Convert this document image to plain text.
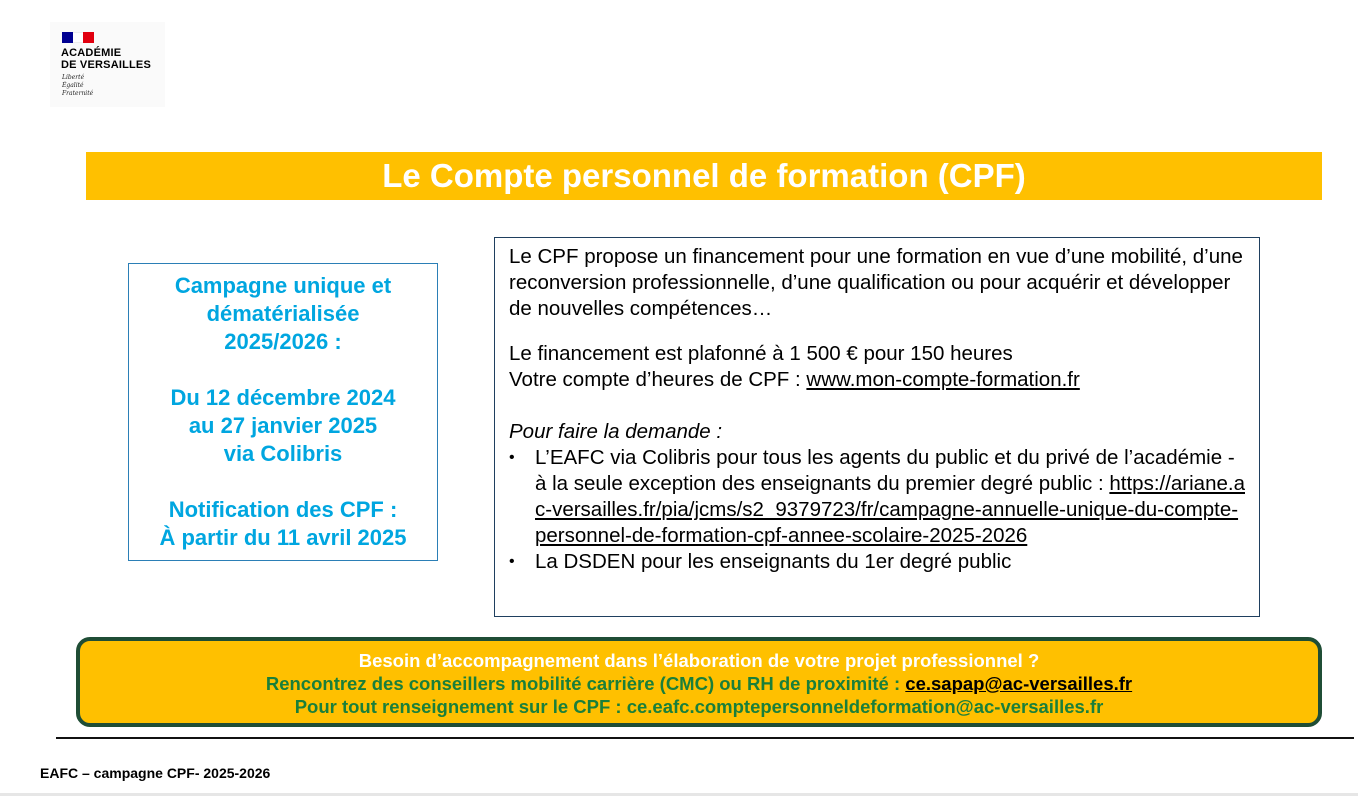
ACADÉMIE
DE VERSAILLES
Liberté
Égalité
Fraternité
Le Compte personnel de formation (CPF)
Campagne unique et
dématérialisée
2025/2026 :
Du 12 décembre 2024
au 27 janvier 2025
via Colibris
Notification des CPF :
À partir du 11 avril 2025

Le CPF propose un financement pour une formation en vue d’une mobilité, d’une reconversion professionnelle, d’une qualification ou pour acquérir et développer de nouvelles compétences…

Le financement est plafonné à 1 500 € pour 150 heures

Votre compte d’heures de CPF : www.mon-compte-formation.fr

Pour faire la demande :

• L’EAFC via Colibris pour tous les agents du public et du privé de l’académie - à la seule exception des enseignants du premier degré public : https://ariane.ac-versailles.fr/pia/jcms/s2_9379723/fr/campagne-annuelle-unique-du-compte-personnel-de-formation-cpf-annee-scolaire-2025-2026
• La DSDEN pour les enseignants du 1er degré public
Besoin d’accompagnement dans l’élaboration de votre projet professionnel ?
Rencontrez des conseillers mobilité carrière (CMC) ou RH de proximité : ce.sapap@ac-versailles.fr
Pour tout renseignement sur le CPF : ce.eafc.comptepersonneldeformation@ac-versailles.fr
EAFC – campagne CPF- 2025-2026
